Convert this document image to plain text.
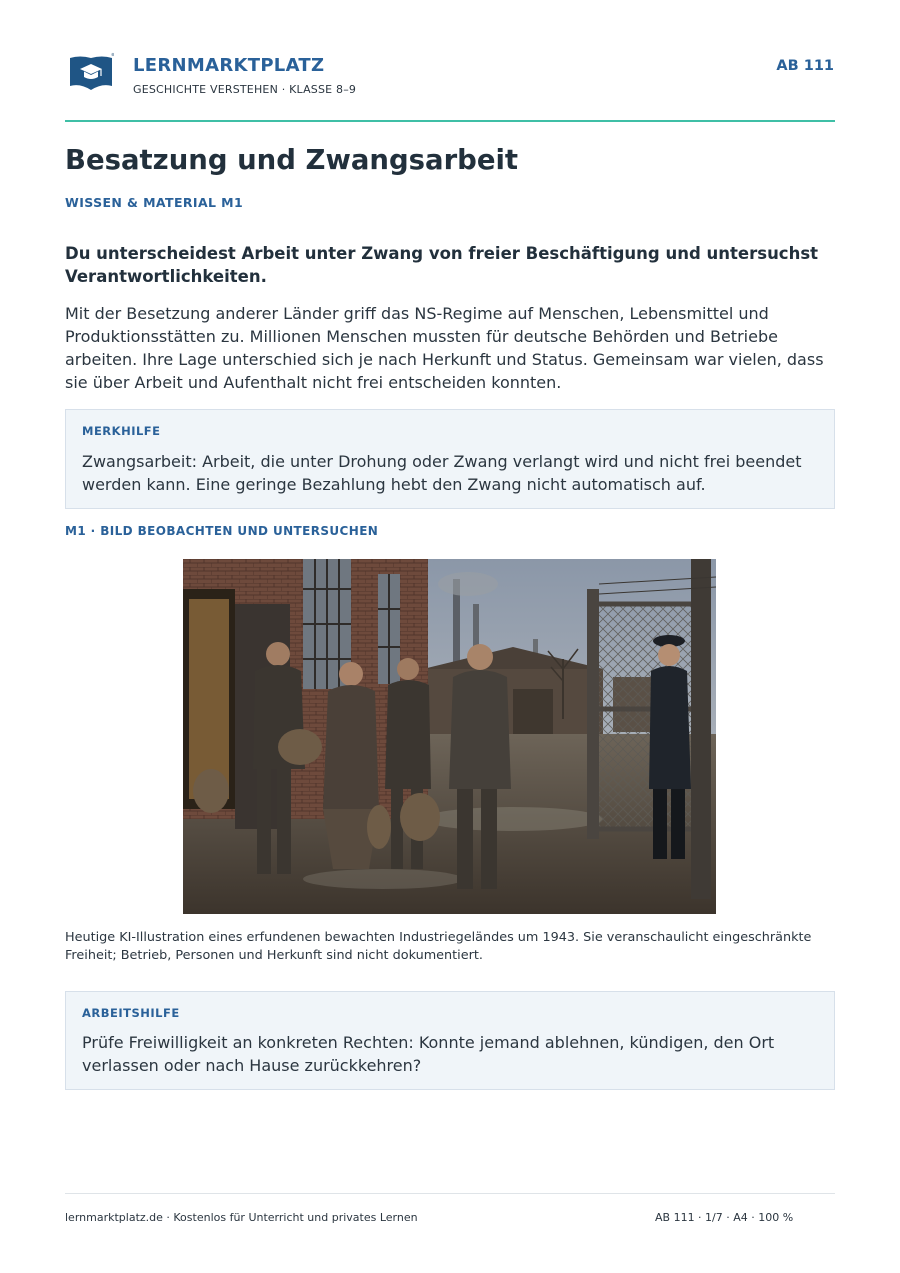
LERNMARKTPLATZ
GESCHICHTE VERSTEHEN · KLASSE 8–9
AB 111
Besatzung und Zwangsarbeit
WISSEN & MATERIAL M1

Du unterscheidest Arbeit unter Zwang von freier Beschäftigung und untersuchst Verantwortlichkeiten.

Mit der Besetzung anderer Länder griff das NS-Regime auf Menschen, Lebensmittel und Produktionsstätten zu. Millionen Menschen mussten für deutsche Behörden und Betriebe arbeiten. Ihre Lage unterschied sich je nach Herkunft und Status. Gemeinsam war vielen, dass sie über Arbeit und Aufenthalt nicht frei entscheiden konnten.

MERKHILFE

Zwangsarbeit: Arbeit, die unter Drohung oder Zwang verlangt wird und nicht frei beendet werden kann. Eine geringe Bezahlung hebt den Zwang nicht automatisch auf.

M1 · BILD BEOBACHTEN UND UNTERSUCHEN

Heutige KI-Illustration eines erfundenen bewachten Industriegeländes um 1943. Sie veranschaulicht eingeschränkte Freiheit; Betrieb, Personen und Herkunft sind nicht dokumentiert.

ARBEITSHILFE

Prüfe Freiwilligkeit an konkreten Rechten: Konnte jemand ablehnen, kündigen, den Ort verlassen oder nach Hause zurückkehren?

lernmarktplatz.de · Kostenlos für Unterricht und privates Lernen	AB 111 · 1/7 · A4 · 100 %
